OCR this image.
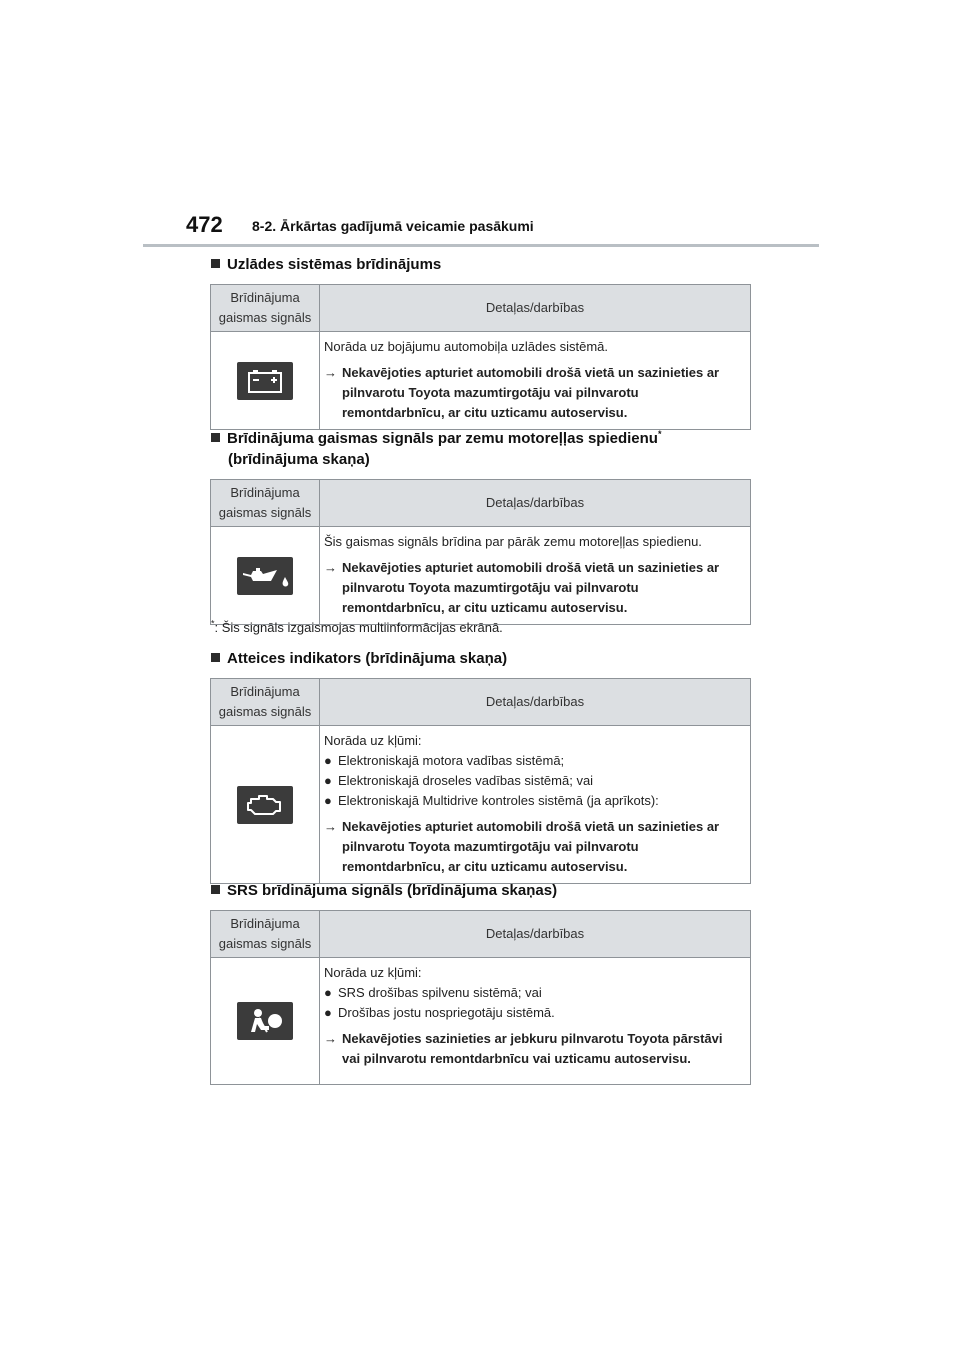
472 8-2. Ārkārtas gadījumā veicamie pasākumi
Uzlādes sistēmas brīdinājums
Brīdinājuma
gaismas signāls	Detaļas/darbības

Norāda uz bojājumu automobiļa uzlādes sistēmā.
→ Nekavējoties apturiet automobili drošā vietā un sazinieties ar pilnvarotu Toyota mazumtirgotāju vai pilnvarotu remontdarbnīcu, ar citu uzticamu autoservisu.
Brīdinājuma gaismas signāls par zemu motoreļļas spiedienu*
(brīdinājuma skaņa)
Brīdinājuma
gaismas signāls	Detaļas/darbības

Šis gaismas signāls brīdina par pārāk zemu motoreļļas spiedienu.
→ Nekavējoties apturiet automobili drošā vietā un sazinieties ar pilnvarotu Toyota mazumtirgotāju vai pilnvarotu remontdarbnīcu, ar citu uzticamu autoservisu.
*: Šis signāls izgaismojas multiinformācijas ekrānā.
Atteices indikators (brīdinājuma skaņa)
Brīdinājuma
gaismas signāls	Detaļas/darbības

Norāda uz kļūmi:
● Elektroniskajā motora vadības sistēmā;
● Elektroniskajā droseles vadības sistēmā; vai
● Elektroniskajā Multidrive kontroles sistēmā (ja aprīkots):
→ Nekavējoties apturiet automobili drošā vietā un sazinieties ar pilnvarotu Toyota mazumtirgotāju vai pilnvarotu remontdarbnīcu, ar citu uzticamu autoservisu.
SRS brīdinājuma signāls (brīdinājuma skaņas)
Brīdinājuma
gaismas signāls	Detaļas/darbības

Norāda uz kļūmi:
● SRS drošības spilvenu sistēmā; vai
● Drošības jostu nospriegotāju sistēmā.
→ Nekavējoties sazinieties ar jebkuru pilnvarotu Toyota pārstāvi vai pilnvarotu remontdarbnīcu vai uzticamu autoservisu.
